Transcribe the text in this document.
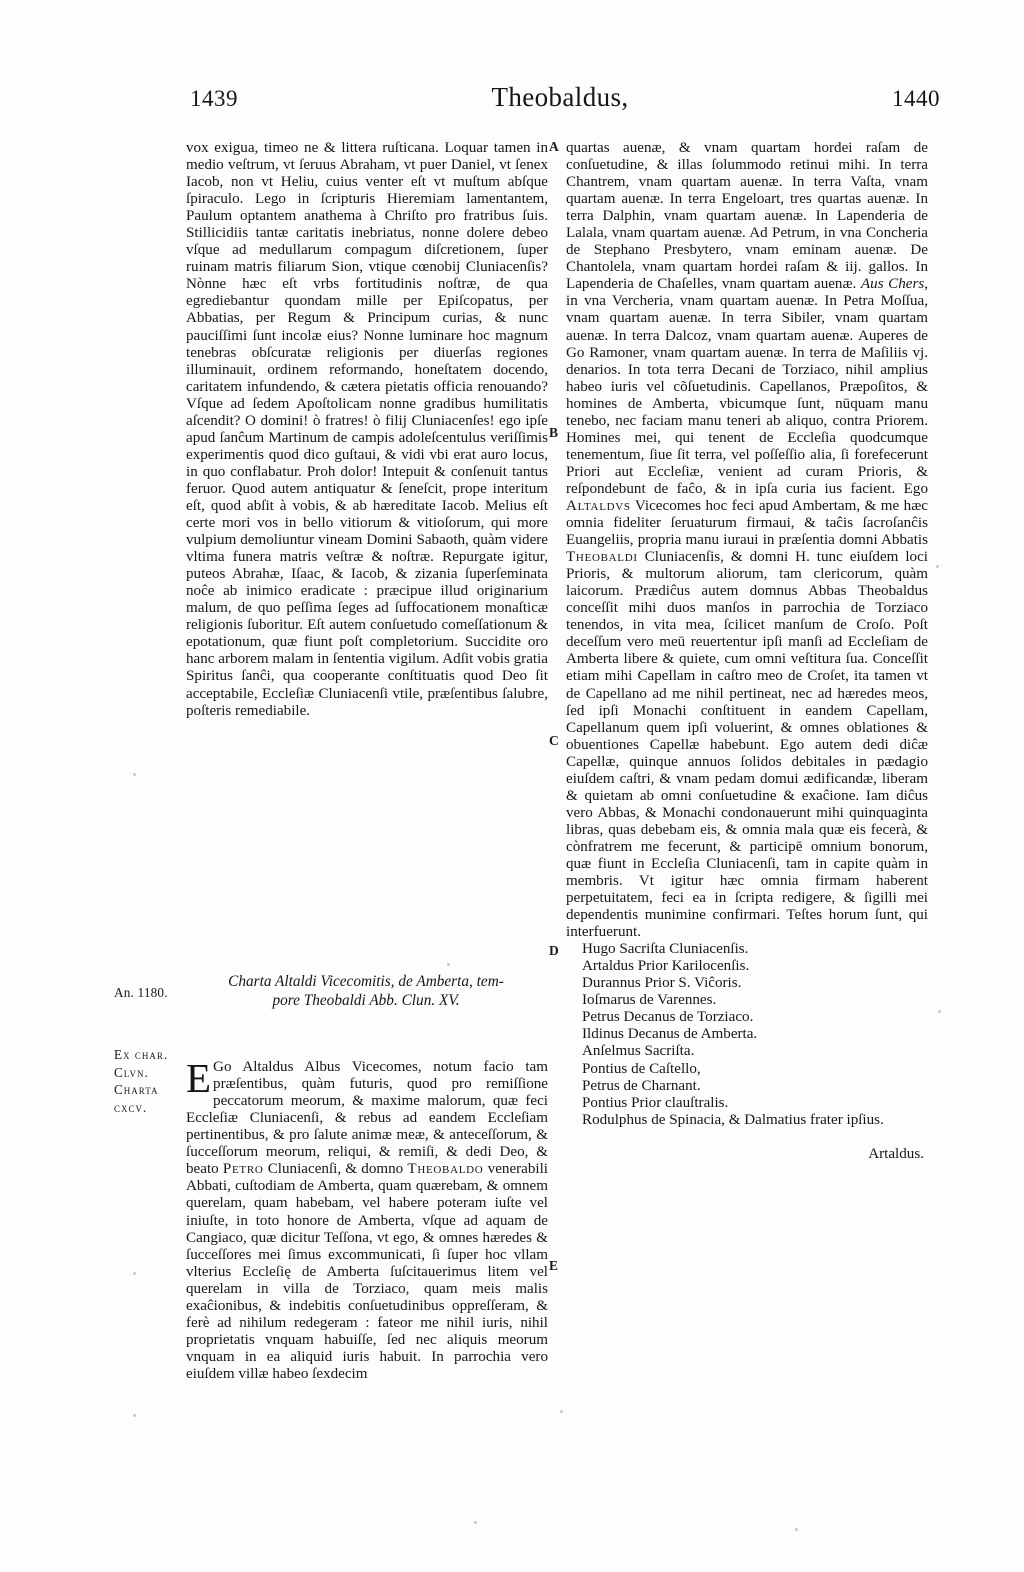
1439	Theobaldus,	1440
A
B
C
D
E

vox exigua, timeo ne & littera ruſticana. Loquar tamen in medio veſtrum, vt ſeruus Abraham, vt puer Daniel, vt ſenex Iacob, non vt Heliu, cuius venter eſt vt muſtum abſque ſpiraculo. Lego in ſcripturis Hieremiam lamentantem, Paulum optantem anathema à Chriſto pro fratribus ſuis. Stillicidiis tantæ caritatis inebriatus, nonne dolere debeo vſque ad medullarum compagum diſcretionem, ſuper ruinam matris filiarum Sion, vtique cœnobij Cluniacenſis? Nònne hæc eſt vrbs fortitudinis noſtræ, de qua egrediebantur quondam mille per Epiſcopatus, per Abbatias, per Regum & Principum curias, & nunc pauciſſimi ſunt incolæ eius? Nonne luminare hoc magnum tenebras obſcuratæ religionis per diuerſas regiones illuminauit, ordinem reformando, honeſtatem docendo, caritatem infundendo, & cætera pietatis officia renouando? Vſque ad ſedem Apoſtolicam nonne gradibus humilitatis aſcendit? O domini! ò fratres! ò filij Cluniacenſes! ego ipſe apud ſanĉum Martinum de campis adoleſcentulus veriſſimis experimentis quod dico guſtaui, & vidi vbi erat auro locus, in quo conflabatur. Proh dolor! Intepuit & conſenuit tantus feruor. Quod autem antiquatur & ſeneſcit, prope interitum eſt, quod abſit à vobis, & ab hæreditate Iacob. Melius eſt certe mori vos in bello vitiorum & vitioſorum, qui more vulpium demoliuntur vineam Domini Sabaoth, quàm videre vltima funera matris veſtræ & noſtræ. Repurgate igitur, puteos Abrahæ, Iſaac, & Iacob, & zizania ſuperſeminata noĉe ab inimico eradicate : præcipue illud originarium malum, de quo peſſima ſeges ad ſuffocationem monaſticæ religionis ſuboritur. Eſt autem conſuetudo comeſſationum & epotationum, quæ fiunt poſt completorium. Succidite oro hanc arborem malam in ſententia vigilum. Adſit vobis gratia Spiritus ſanĉi, qua cooperante conſtituatis quod Deo ſit acceptabile, Eccleſiæ Cluniacenſi vtile, præſentibus ſalubre, poſteris remediabile.

Charta Altaldi Vicecomitis, de Amberta, tem-
pore Theobaldi Abb. Clun. XV.
An. 1180.
Ex char.
Clvn.
Charta
cxcv.

E Go Altaldus Albus Vicecomes, notum facio tam præſentibus, quàm futuris, quod pro remiſſione peccatorum meorum, & maxime malorum, quæ feci Eccleſiæ Cluniacenſi, & rebus ad eandem Eccleſiam pertinentibus, & pro ſalute animæ meæ, & anteceſſorum, & ſucceſſorum meorum, reliqui, & remiſi, & dedi Deo, & beato Petro Cluniacenſi, & domno Theobaldo venerabili Abbati, cuſtodiam de Amberta, quam quærebam, & omnem querelam, quam habebam, vel habere poteram iuſte vel iniuſte, in toto honore de Amberta, vſque ad aquam de Cangiaco, quæ dicitur Teſſona, vt ego, & omnes hæredes & ſucceſſores mei ſimus excommunicati, ſi ſuper hoc vllam vlterius Eccleſię de Amberta ſuſcitauerimus litem vel querelam in villa de Torziaco, quam meis malis exaĉionibus, & indebitis conſuetudinibus oppreſſeram, & ferè ad nihilum redegeram : fateor me nihil iuris, nihil proprietatis vnquam habuiſſe, ſed nec aliquis meorum vnquam in ea aliquid iuris habuit. In parrochia vero eiuſdem villæ habeo ſexdecim

quartas auenæ, & vnam quartam hordei raſam de conſuetudine, & illas ſolummodo retinui mihi. In terra Chantrem, vnam quartam auenæ. In terra Vaſta, vnam quartam auenæ. In terra Engeloart, tres quartas auenæ. In terra Dalphin, vnam quartam auenæ. In Lapenderia de Lalala, vnam quartam auenæ. Ad Petrum, in vna Concheria de Stephano Presbytero, vnam eminam auenæ. De Chantolela, vnam quartam hordei raſam & iij. gallos. In Lapenderia de Chaſelles, vnam quartam auenæ. Aus Chers, in vna Vercheria, vnam quartam auenæ. In Petra Moſſua, vnam quartam auenæ. In terra Sibiler, vnam quartam auenæ. In terra Dalcoz, vnam quartam auenæ. Auperes de Go Ramoner, vnam quartam auenæ. In terra de Maſiliis vj. denarios. In tota terra Decani de Torziaco, nihil amplius habeo iuris vel cõſuetudinis. Capellanos, Præpoſitos, & homines de Amberta, vbicumque ſunt, nūquam manu tenebo, nec faciam manu teneri ab aliquo, contra Priorem. Homines mei, qui tenent de Eccleſia quodcumque tenementum, ſiue ſit terra, vel poſſeſſio alia, ſi forefecerunt Priori aut Eccleſiæ, venient ad curam Prioris, & reſpondebunt de faĉo, & in ipſa curia ius facient. Ego Altaldvs Vicecomes hoc feci apud Ambertam, & me hæc omnia fideliter ſeruaturum firmaui, & taĉis ſacroſanĉis Euangeliis, propria manu iuraui in præſentia domni Abbatis Theobaldi Cluniacenſis, & domni H. tunc eiuſdem loci Prioris, & multorum aliorum, tam clericorum, quàm laicorum. Prædiĉus autem domnus Abbas Theobaldus conceſſit mihi duos manſos in parrochia de Torziaco tenendos, in vita mea, ſcilicet manſum de Croſo. Poſt deceſſum vero meū reuertentur ipſi manſi ad Eccleſiam de Amberta libere & quiete, cum omni veſtitura ſua. Conceſſit etiam mihi Capellam in caſtro meo de Croſet, ita tamen vt de Capellano ad me nihil pertineat, nec ad hæredes meos, ſed ipſi Monachi conſtituent in eandem Capellam, Capellanum quem ipſi voluerint, & omnes oblationes & obuentiones Capellæ habebunt. Ego autem dedi diĉæ Capellæ, quinque annuos ſolidos debitales in pædagio eiuſdem caſtri, & vnam pedam domui ædificandæ, liberam & quietam ab omni conſuetudine & exaĉione. Iam diĉus vero Abbas, & Monachi condonauerunt mihi quinquaginta libras, quas debebam eis, & omnia mala quæ eis fecerà, & cònfratrem me fecerunt, & participē omnium bonorum, quæ fiunt in Eccleſia Cluniacenſi, tam in capite quàm in membris. Vt igitur hæc omnia firmam haberent perpetuitatem, feci ea in ſcripta redigere, & ſigilli mei dependentis munimine confirmari. Teſtes horum ſunt, qui interfuerunt.

Hugo Sacriſta Cluniacenſis.
Artaldus Prior Karilocenſis.
Durannus Prior S. Viĉoris.
Ioſmarus de Varennes.
Petrus Decanus de Torziaco.
Ildinus Decanus de Amberta.
Anſelmus Sacriſta.
Pontius de Caſtello,
Petrus de Charnant.
Pontius Prior clauſtralis.
Rodulphus de Spinacia, & Dalmatius frater ipſius.
Artaldus.
